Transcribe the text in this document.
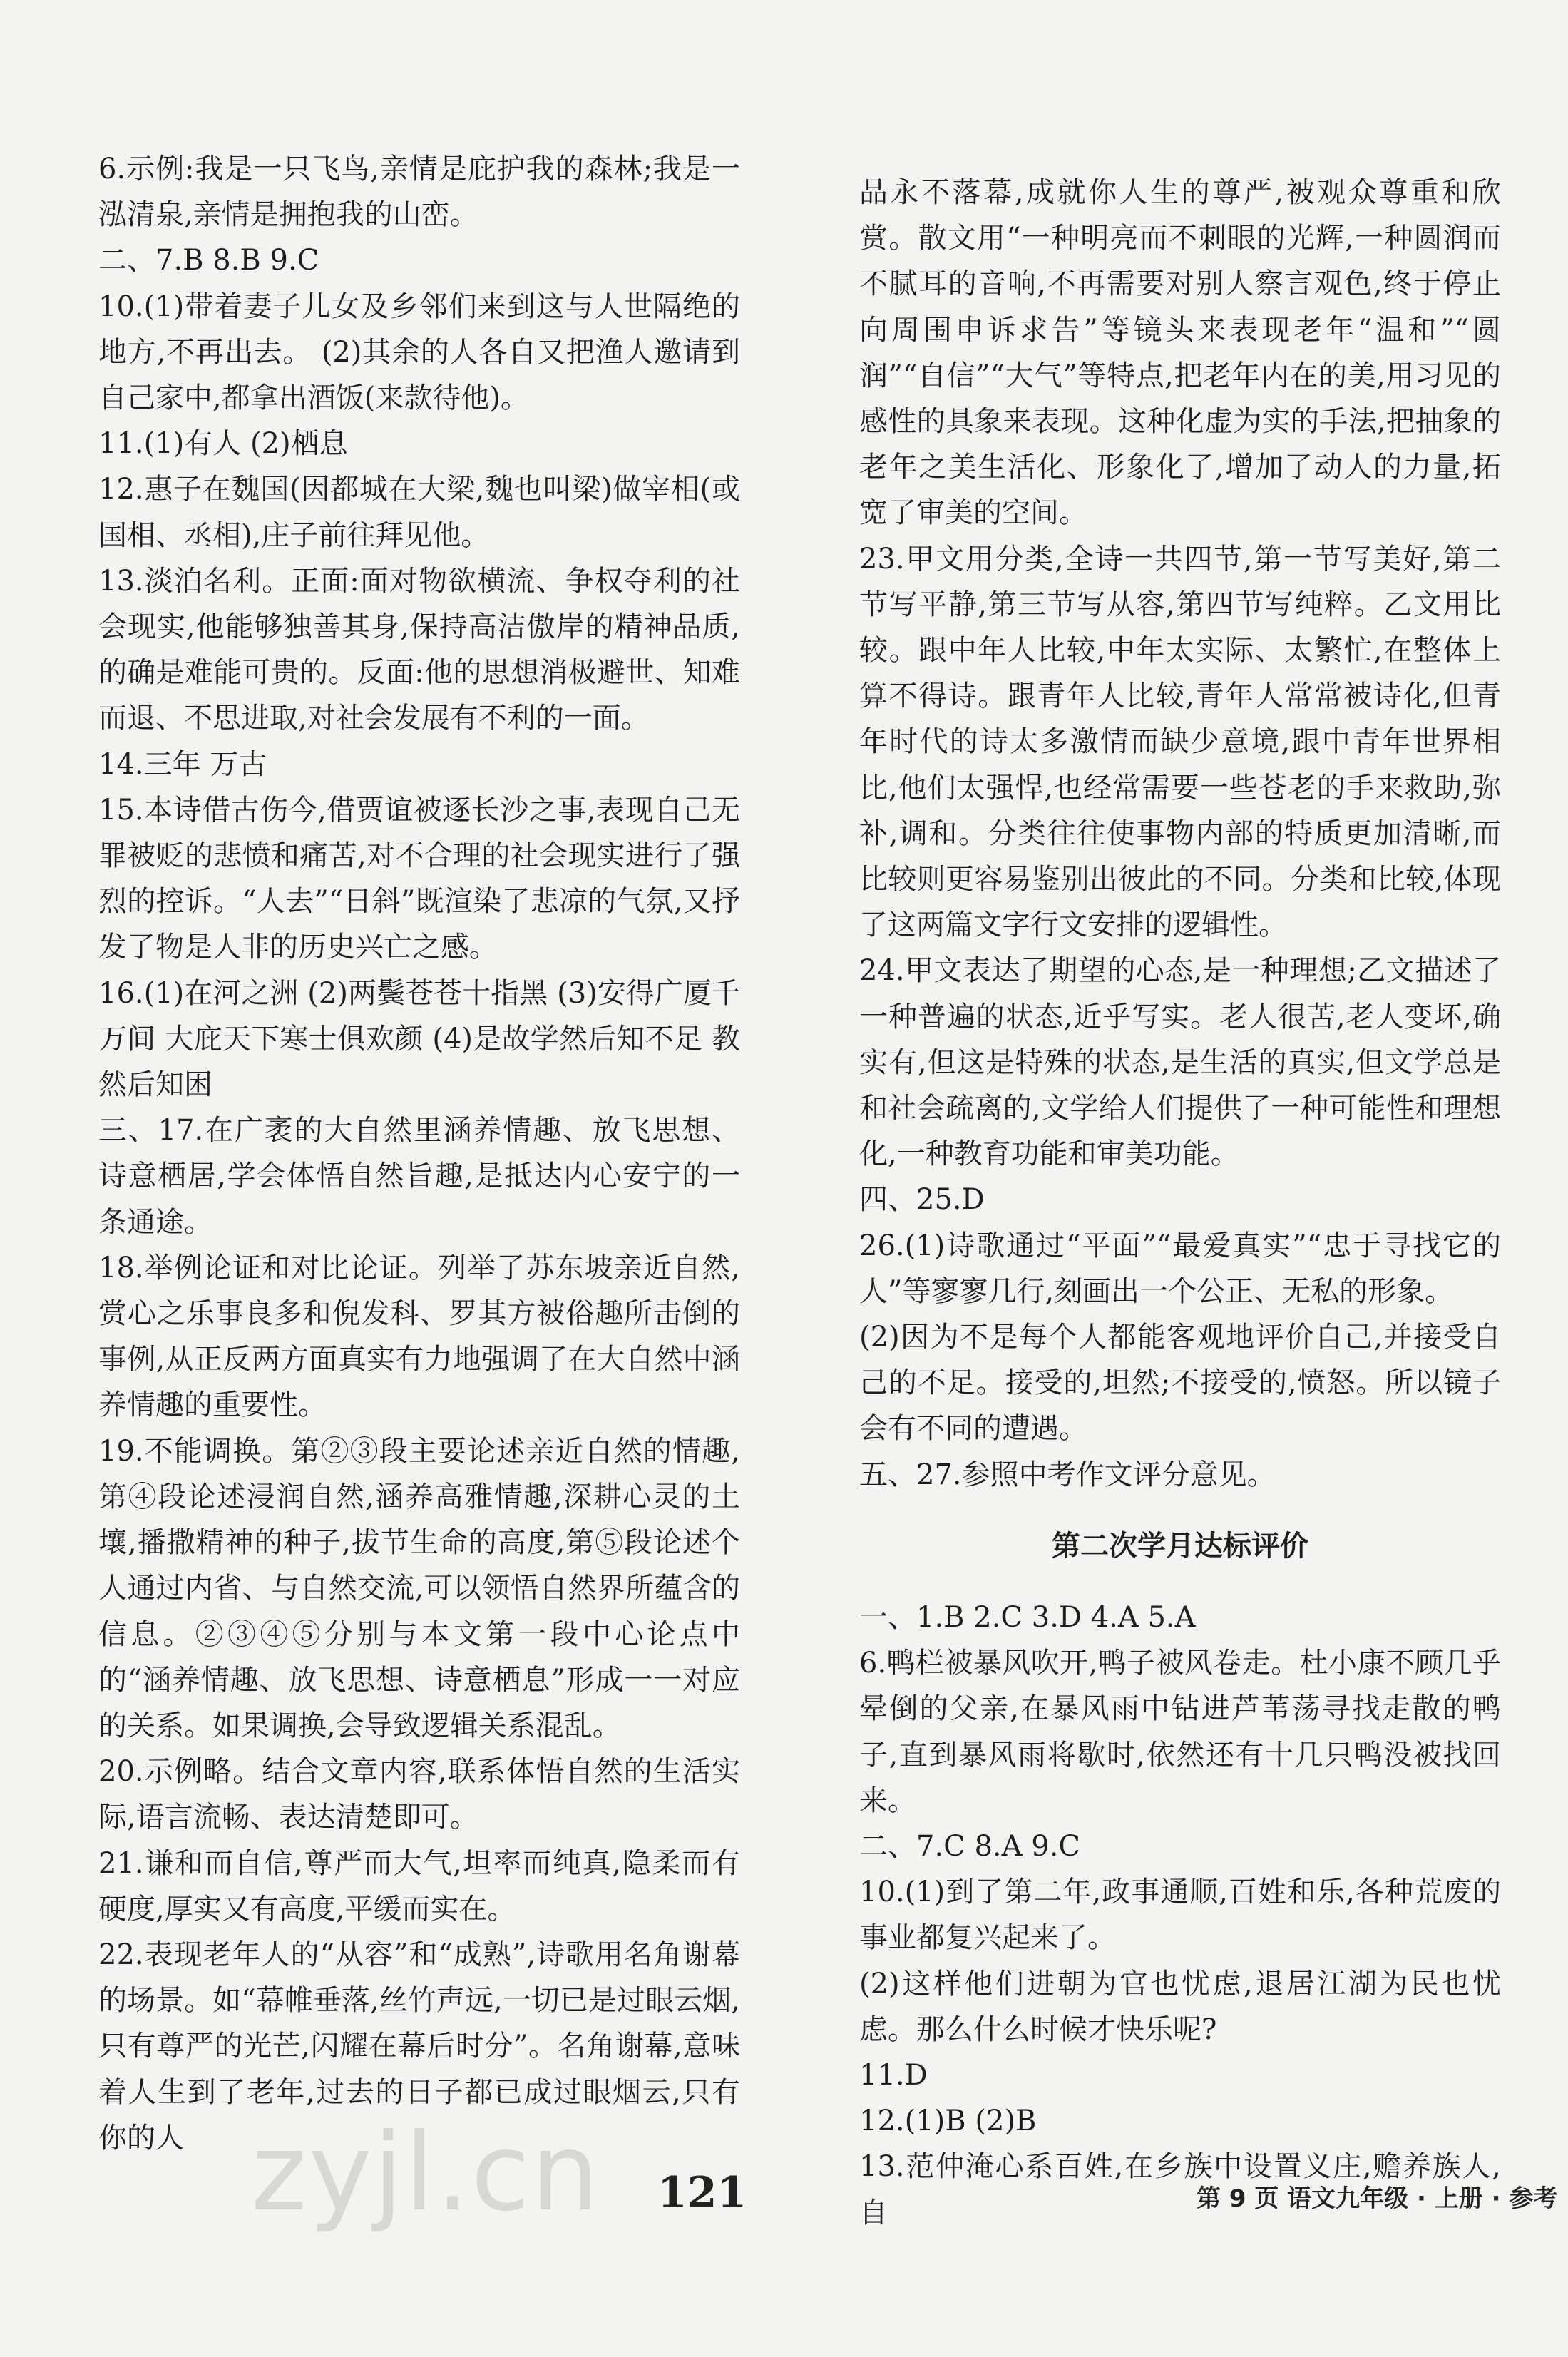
6.示例:我是一只飞鸟,亲情是庇护我的森林;我是一泓清泉,亲情是拥抱我的山峦。

二、7.B 8.B 9.C

10.(1)带着妻子儿女及乡邻们来到这与人世隔绝的地方,不再出去。 (2)其余的人各自又把渔人邀请到自己家中,都拿出酒饭(来款待他)。

11.(1)有人 (2)栖息

12.惠子在魏国(因都城在大梁,魏也叫梁)做宰相(或国相、丞相),庄子前往拜见他。

13.淡泊名利。正面:面对物欲横流、争权夺利的社会现实,他能够独善其身,保持高洁傲岸的精神品质,的确是难能可贵的。反面:他的思想消极避世、知难而退、不思进取,对社会发展有不利的一面。

14.三年 万古

15.本诗借古伤今,借贾谊被逐长沙之事,表现自己无罪被贬的悲愤和痛苦,对不合理的社会现实进行了强烈的控诉。“人去”“日斜”既渲染了悲凉的气氛,又抒发了物是人非的历史兴亡之感。

16.(1)在河之洲 (2)两鬓苍苍十指黑 (3)安得广厦千万间 大庇天下寒士俱欢颜 (4)是故学然后知不足 教然后知困

三、17.在广袤的大自然里涵养情趣、放飞思想、诗意栖居,学会体悟自然旨趣,是抵达内心安宁的一条通途。

18.举例论证和对比论证。列举了苏东坡亲近自然,赏心之乐事良多和倪发科、罗其方被俗趣所击倒的事例,从正反两方面真实有力地强调了在大自然中涵养情趣的重要性。

19.不能调换。第②③段主要论述亲近自然的情趣,第④段论述浸润自然,涵养高雅情趣,深耕心灵的土壤,播撒精神的种子,拔节生命的高度,第⑤段论述个人通过内省、与自然交流,可以领悟自然界所蕴含的信息。②③④⑤分别与本文第一段中心论点中的“涵养情趣、放飞思想、诗意栖息”形成一一对应的关系。如果调换,会导致逻辑关系混乱。

20.示例略。结合文章内容,联系体悟自然的生活实际,语言流畅、表达清楚即可。

21.谦和而自信,尊严而大气,坦率而纯真,隐柔而有硬度,厚实又有高度,平缓而实在。

22.表现老年人的“从容”和“成熟”,诗歌用名角谢幕的场景。如“幕帷垂落,丝竹声远,一切已是过眼云烟,只有尊严的光芒,闪耀在幕后时分”。名角谢幕,意味着人生到了老年,过去的日子都已成过眼烟云,只有你的人

品永不落幕,成就你人生的尊严,被观众尊重和欣赏。散文用“一种明亮而不刺眼的光辉,一种圆润而不腻耳的音响,不再需要对别人察言观色,终于停止向周围申诉求告”等镜头来表现老年“温和”“圆润”“自信”“大气”等特点,把老年内在的美,用习见的感性的具象来表现。这种化虚为实的手法,把抽象的老年之美生活化、形象化了,增加了动人的力量,拓宽了审美的空间。

23.甲文用分类,全诗一共四节,第一节写美好,第二节写平静,第三节写从容,第四节写纯粹。乙文用比较。跟中年人比较,中年太实际、太繁忙,在整体上算不得诗。跟青年人比较,青年人常常被诗化,但青年时代的诗太多激情而缺少意境,跟中青年世界相比,他们太强悍,也经常需要一些苍老的手来救助,弥补,调和。分类往往使事物内部的特质更加清晰,而比较则更容易鉴别出彼此的不同。分类和比较,体现了这两篇文字行文安排的逻辑性。

24.甲文表达了期望的心态,是一种理想;乙文描述了一种普遍的状态,近乎写实。老人很苦,老人变坏,确实有,但这是特殊的状态,是生活的真实,但文学总是和社会疏离的,文学给人们提供了一种可能性和理想化,一种教育功能和审美功能。

四、25.D

26.(1)诗歌通过“平面”“最爱真实”“忠于寻找它的人”等寥寥几行,刻画出一个公正、无私的形象。

(2)因为不是每个人都能客观地评价自己,并接受自己的不足。接受的,坦然;不接受的,愤怒。所以镜子会有不同的遭遇。

五、27.参照中考作文评分意见。

第二次学月达标评价

一、1.B 2.C 3.D 4.A 5.A

6.鸭栏被暴风吹开,鸭子被风卷走。杜小康不顾几乎晕倒的父亲,在暴风雨中钻进芦苇荡寻找走散的鸭子,直到暴风雨将歇时,依然还有十几只鸭没被找回来。

二、7.C 8.A 9.C

10.(1)到了第二年,政事通顺,百姓和乐,各种荒废的事业都复兴起来了。

(2)这样他们进朝为官也忧虑,退居江湖为民也忧虑。那么什么时候才快乐呢?

11.D

12.(1)B (2)B

13.范仲淹心系百姓,在乡族中设置义庄,赡养族人,自

zyjl.cn 121	第 9 页 语文九年级 · 上册 · 参考
